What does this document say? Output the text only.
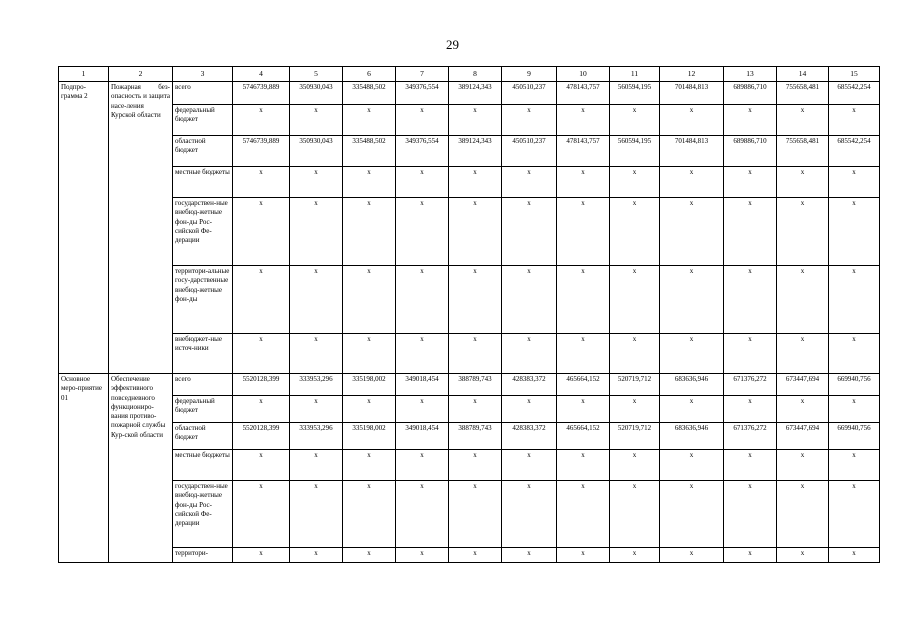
29
1	2	3	4	5	6	7	8	9	10	11	12	13	14	15
Подпро-грамма 2	Пожарная без-опасность и защита насе-ления Курской области	всего	5746739,889	350930,043	335488,502	349376,554	389124,343	450510,237	478143,757	560594,195	701484,813	689886,710	755658,481	685542,254
		федеральный бюджет	x	x	x	x	x	x	x	x	x	x	x	x
		областной бюджет	5746739,889	350930,043	335488,502	349376,554	389124,343	450510,237	478143,757	560594,195	701484,813	689886,710	755658,481	685542,254
		местные бюджеты	x	x	x	x	x	x	x	x	x	x	x	x
		государствен-ные внебюд-жетные фон-ды Рос-сийской Фе-дерации	x	x	x	x	x	x	x	x	x	x	x	x
		территори-альные госу-дарственные внебюд-жетные фон-ды	x	x	x	x	x	x	x	x	x	x	x	x
		внебюджет-ные источ-ники	x	x	x	x	x	x	x	x	x	x	x	x
Основное меро-приятие 01	Обеспечение эффективного повседневного функциониро-вания противо-пожарной службы Кур-ской области	всего	5520128,399	333953,296	335198,002	349018,454	388789,743	428383,372	465664,152	520719,712	683636,946	671376,272	673447,694	669940,756
		федеральный бюджет	x	x	x	x	x	x	x	x	x	x	x	x
		областной бюджет	5520128,399	333953,296	335198,002	349018,454	388789,743	428383,372	465664,152	520719,712	683636,946	671376,272	673447,694	669940,756
		местные бюджеты	x	x	x	x	x	x	x	x	x	x	x	x
		государствен-ные внебюд-жетные фон-ды Рос-сийской Фе-дерации	x	x	x	x	x	x	x	x	x	x	x	x
		территори-	x	x	x	x	x	x	x	x	x	x	x	x
